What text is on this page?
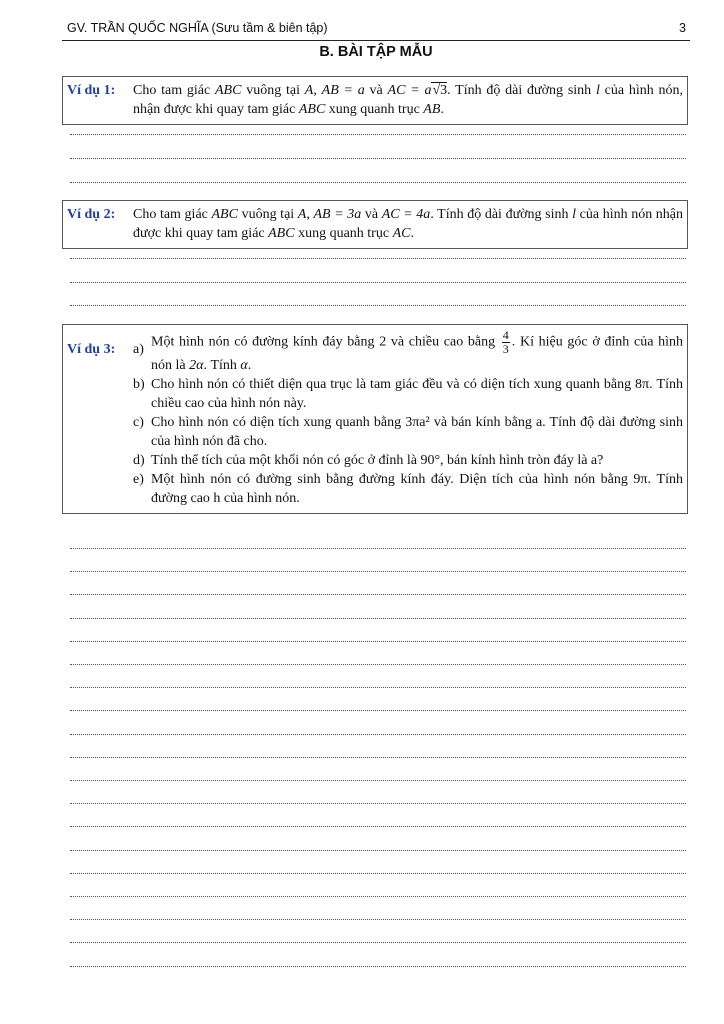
GV. TRẦN QUỐC NGHĨA (Sưu tầm & biên tập)	3
B. BÀI TẬP MẪU
Ví dụ 1:	Cho tam giác ABC vuông tại A, AB = a và AC = a√3. Tính độ dài đường sinh l của hình nón, nhận được khi quay tam giác ABC xung quanh trục AB.
Ví dụ 2:	Cho tam giác ABC vuông tại A, AB = 3a và AC = 4a. Tính độ dài đường sinh l của hình nón nhận được khi quay tam giác ABC xung quanh trục AC.
Ví dụ 3:	a) Một hình nón có đường kính đáy bằng 2 và chiều cao bằng $\frac{4}{3}$ . Kí hiệu góc ở đỉnh của hình nón là 2α. Tính α.
b) Cho hình nón có thiết diện qua trục là tam giác đều và có diện tích xung quanh bằng 8π. Tính chiều cao của hình nón này.
c) Cho hình nón có diện tích xung quanh bằng 3πa² và bán kính bằng a. Tính độ dài đường sinh của hình nón đã cho.
d) Tính thể tích của một khối nón có góc ở đỉnh là 90°, bán kính hình tròn đáy là a?
e) Một hình nón có đường sinh bằng đường kính đáy. Diện tích của hình nón bằng 9π. Tính đường cao h của hình nón.
